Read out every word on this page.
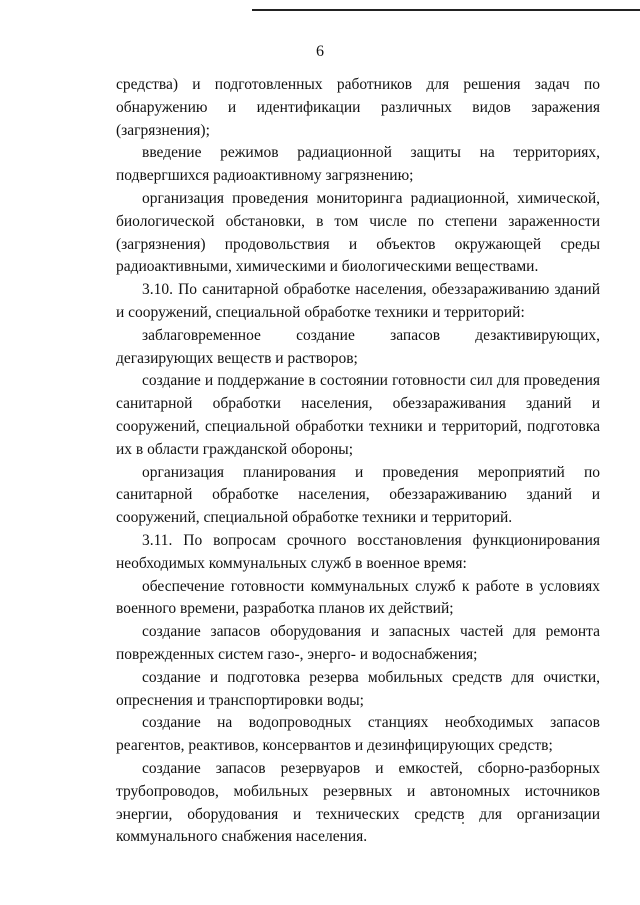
6

средства) и подготовленных работников для решения задач по обнаружению и идентификации различных видов заражения (загрязнения);

введение режимов радиационной защиты на территориях, подвергшихся радиоактивному загрязнению;

организация проведения мониторинга радиационной, химической, биологической обстановки, в том числе по степени зараженности (загрязнения) продовольствия и объектов окружающей среды радиоактивными, химическими и биологическими веществами.

3.10. По санитарной обработке населения, обеззараживанию зданий и сооружений, специальной обработке техники и территорий:

заблаговременное создание запасов дезактивирующих, дегазирующих веществ и растворов;

создание и поддержание в состоянии готовности сил для проведения санитарной обработки населения, обеззараживания зданий и сооружений, специальной обработки техники и территорий, подготовка их в области гражданской обороны;

организация планирования и проведения мероприятий по санитарной обработке населения, обеззараживанию зданий и сооружений, специальной обработке техники и территорий.

3.11. По вопросам срочного восстановления функционирования необходимых коммунальных служб в военное время:

обеспечение готовности коммунальных служб к работе в условиях военного времени, разработка планов их действий;

создание запасов оборудования и запасных частей для ремонта поврежденных систем газо-, энерго- и водоснабжения;

создание и подготовка резерва мобильных средств для очистки, опреснения и транспортировки воды;

создание на водопроводных станциях необходимых запасов реагентов, реактивов, консервантов и дезинфицирующих средств;

создание запасов резервуаров и емкостей, сборно-разборных трубопроводов, мобильных резервных и автономных источников энергии, оборудования и технических средств для организации коммунального снабжения населения.
